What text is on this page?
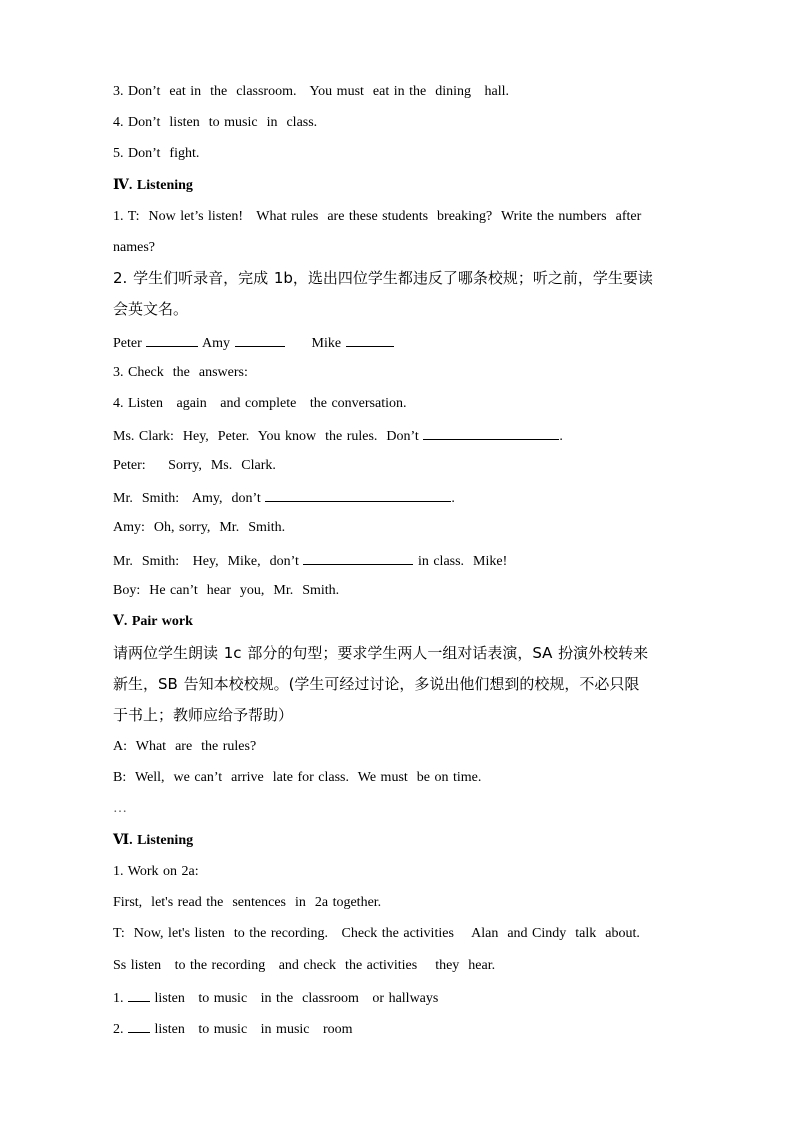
3. Don’t  eat in  the  classroom.   You must  eat in the  dining   hall.
4. Don’t  listen  to music  in  class.
5. Don’t  fight.
Ⅳ. Listening
1. T:  Now let’s listen!   What rules  are these students  breaking?  Write the numbers  after
names?
2. 学生们听录音，完成 1b，选出四位学生都违反了哪条校规；听之前，学生要读
会英文名。
Peter	Amy	Mike
3. Check  the  answers:
4. Listen   again   and complete   the conversation.
Ms. Clark:  Hey,  Peter.  You know  the rules.  Don’t	.
Peter:     Sorry,  Ms.  Clark.
Mr.  Smith:   Amy,  don’t	.
Amy:  Oh, sorry,  Mr.  Smith.
Mr.  Smith:   Hey,  Mike,  don’t	in class.  Mike!
Boy:  He can’t  hear  you,  Mr.  Smith.
Ⅴ. Pair work
请两位学生朗读 1c 部分的句型；要求学生两人一组对话表演，SA 扮演外校转来
新生，SB 告知本校校规。(学生可经过讨论，多说出他们想到的校规，不必只限
于书上；教师应给予帮助）
A:  What  are  the rules?
B:  Well,  we can’t  arrive  late for class.  We must  be on time.
…
Ⅵ. Listening
1. Work on 2a:
First,  let's read the  sentences  in  2a together.
T:  Now, let's listen  to the recording.   Check the activities    Alan  and Cindy  talk  about.
Ss listen   to the recording   and check  the activities    they  hear.
1.  listen   to music   in the  classroom   or hallways
2.  listen   to music   in music   room
